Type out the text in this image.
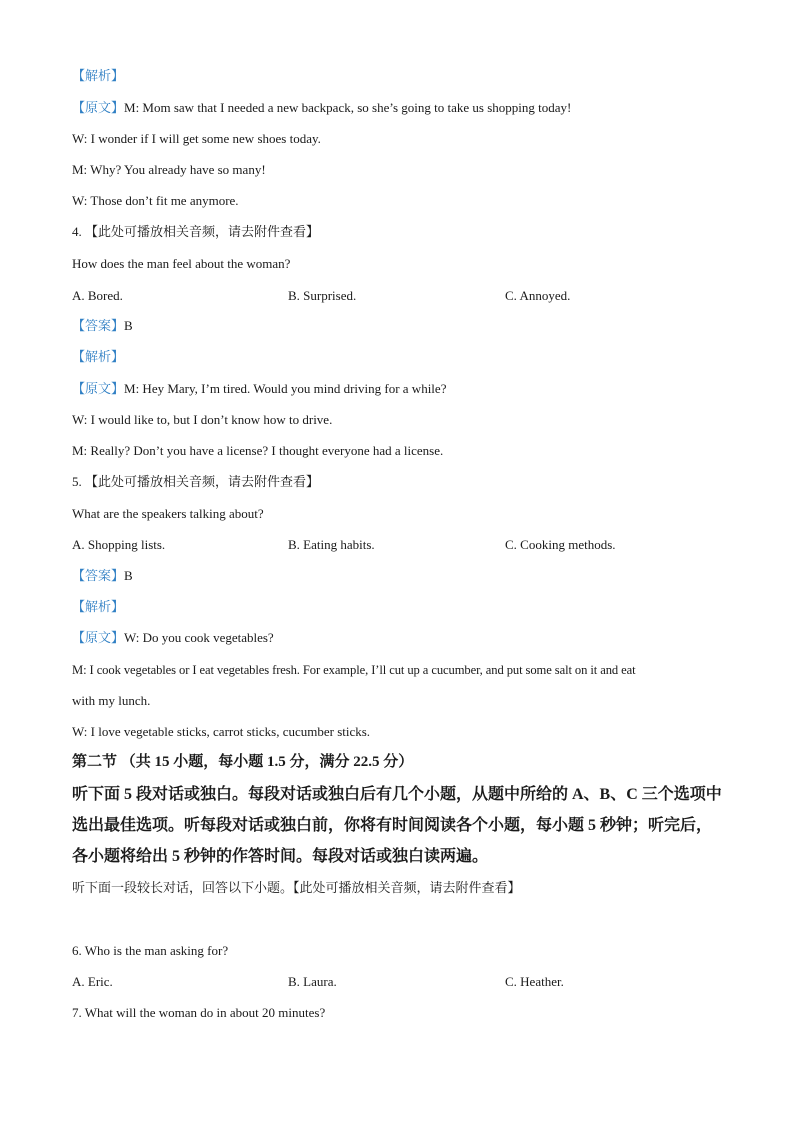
【解析】
【原文】M: Mom saw that I needed a new backpack, so she’s going to take us shopping today!
W: I wonder if I will get some new shoes today.
M: Why? You already have so many!
W: Those don’t fit me anymore.
4. 【此处可播放相关音频，请去附件查看】
How does the man feel about the woman?
A. Bored.	B. Surprised.	C. Annoyed.
【答案】B
【解析】
【原文】M: Hey Mary, I’m tired. Would you mind driving for a while?
W: I would like to, but I don’t know how to drive.
M: Really? Don’t you have a license? I thought everyone had a license.
5. 【此处可播放相关音频，请去附件查看】
What are the speakers talking about?
A. Shopping lists.	B. Eating habits.	C. Cooking methods.
【答案】B
【解析】
【原文】W: Do you cook vegetables?
M: I cook vegetables or I eat vegetables fresh. For example, I’ll cut up a cucumber, and put some salt on it and eat
with my lunch.
W: I love vegetable sticks, carrot sticks, cucumber sticks.
第二节 （共 15 小题，每小题 1.5 分，满分 22.5 分）
听下面 5 段对话或独白。每段对话或独白后有几个小题，从题中所给的 A、B、C 三个选项中
选出最佳选项。听每段对话或独白前，你将有时间阅读各个小题，每小题 5 秒钟；听完后，
各小题将给出 5 秒钟的作答时间。每段对话或独白读两遍。
听下面一段较长对话，回答以下小题。【此处可播放相关音频，请去附件查看】
6. Who is the man asking for?
A. Eric.	B. Laura.	C. Heather.
7. What will the woman do in about 20 minutes?
